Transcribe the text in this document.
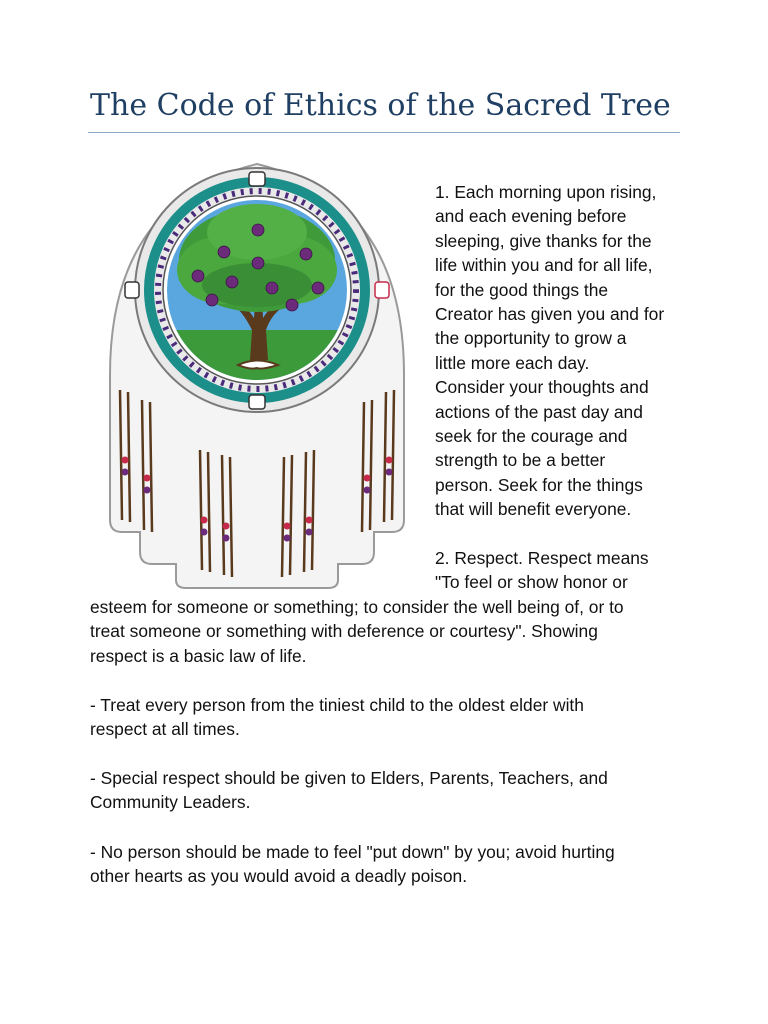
The Code of Ethics of the Sacred Tree
1. Each morning upon rising,
and each evening before
sleeping, give thanks for the
life within you and for all life,
for the good things the
Creator has given you and for
the opportunity to grow a
little more each day.
Consider your thoughts and
actions of the past day and
seek for the courage and
strength to be a better
person. Seek for the things
that will benefit everyone.
2. Respect. Respect means
"To feel or show honor or
esteem for someone or something; to consider the well being of, or to
treat someone or something with deference or courtesy". Showing
respect is a basic law of life.
- Treat every person from the tiniest child to the oldest elder with
respect at all times.
- Special respect should be given to Elders, Parents, Teachers, and
Community Leaders.
- No person should be made to feel "put down" by you; avoid hurting
other hearts as you would avoid a deadly poison.
